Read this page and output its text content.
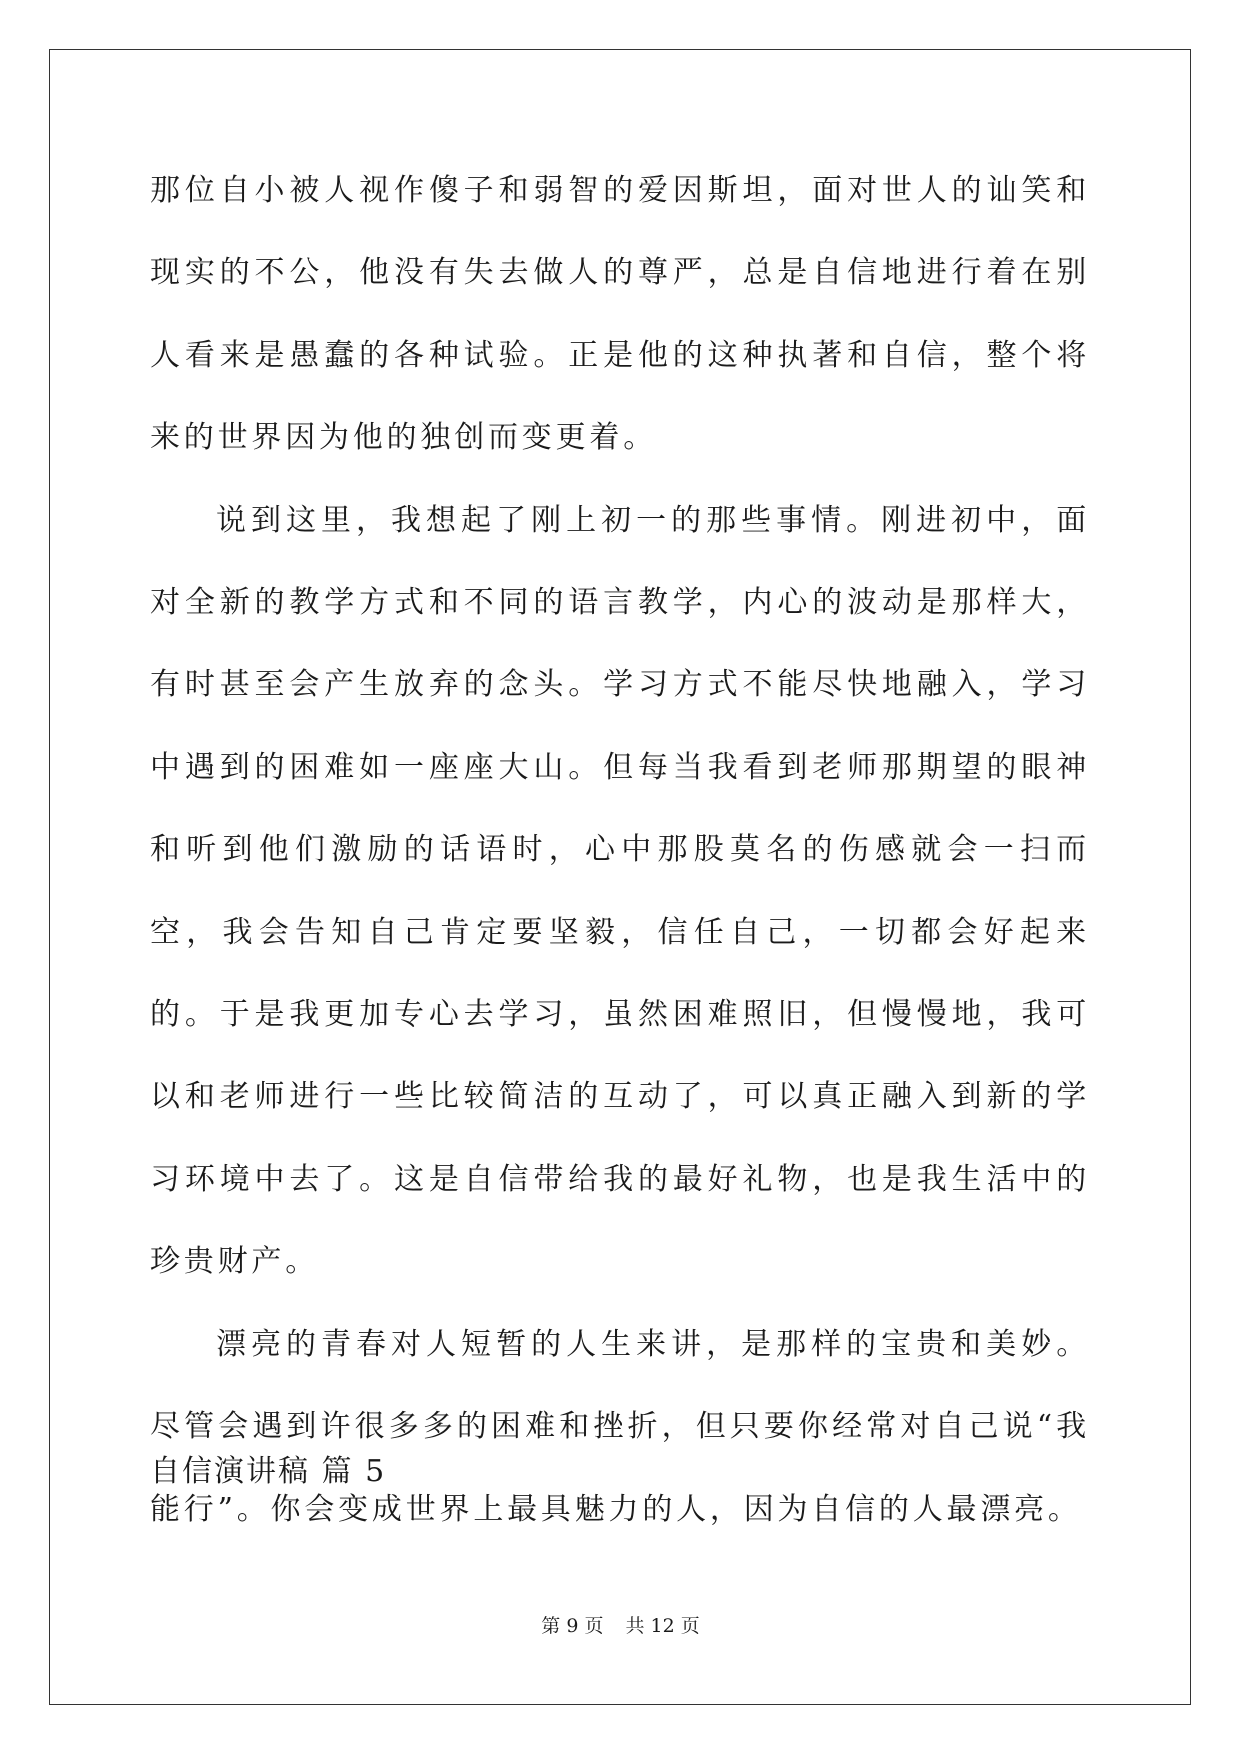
那位自小被人视作傻子和弱智的爱因斯坦，面对世人的讪笑和现实的不公，他没有失去做人的尊严，总是自信地进行着在别人看来是愚蠢的各种试验。正是他的这种执著和自信，整个将来的世界因为他的独创而变更着。

说到这里，我想起了刚上初一的那些事情。刚进初中，面对全新的教学方式和不同的语言教学，内心的波动是那样大，有时甚至会产生放弃的念头。学习方式不能尽快地融入，学习中遇到的困难如一座座大山。但每当我看到老师那期望的眼神和听到他们激励的话语时，心中那股莫名的伤感就会一扫而空，我会告知自己肯定要坚毅，信任自己，一切都会好起来的。于是我更加专心去学习，虽然困难照旧，但慢慢地，我可以和老师进行一些比较简洁的互动了，可以真正融入到新的学习环境中去了。这是自信带给我的最好礼物，也是我生活中的珍贵财产。

漂亮的青春对人短暂的人生来讲，是那样的宝贵和美妙。尽管会遇到许很多多的困难和挫折，但只要你经常对自己说“我能行”。你会变成世界上最具魅力的人，因为自信的人最漂亮。

自信演讲稿 篇 5
第 9 页 共 12 页
